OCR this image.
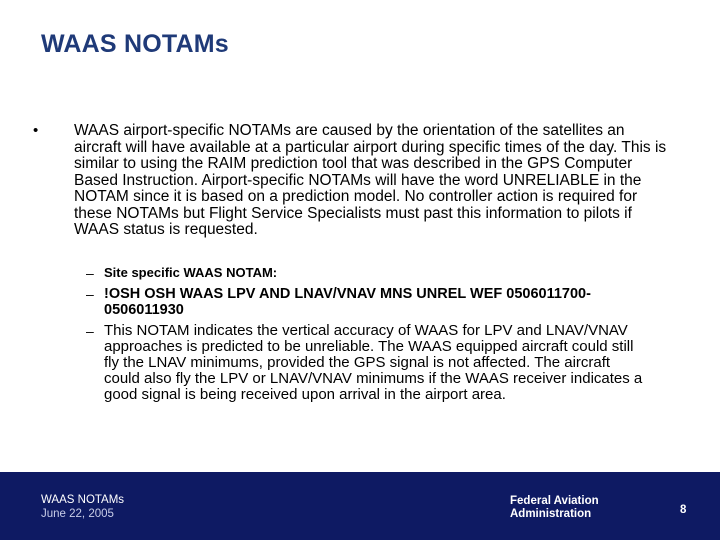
WAAS NOTAMs
• WAAS airport-specific NOTAMs are caused by the orientation of the satellites an aircraft will have available at a particular airport during specific times of the day. This is similar to using the RAIM prediction tool that was described in the GPS Computer Based Instruction. Airport-specific NOTAMs will have the word UNRELIABLE in the NOTAM since it is based on a prediction model. No controller action is required for these NOTAMs but Flight Service Specialists must past this information to pilots if WAAS status is requested.
– Site specific WAAS NOTAM:
– !OSH OSH WAAS LPV AND LNAV/VNAV MNS UNREL WEF 0506011700-0506011930
– This NOTAM indicates the vertical accuracy of WAAS for LPV and LNAV/VNAV approaches is predicted to be unreliable. The WAAS equipped aircraft could still fly the LNAV minimums, provided the GPS signal is not affected. The aircraft could also fly the LPV or LNAV/VNAV minimums if the WAAS receiver indicates a good signal is being received upon arrival in the airport area.
WAAS NOTAMs
June 22, 2005
Federal Aviation
Administration	8
